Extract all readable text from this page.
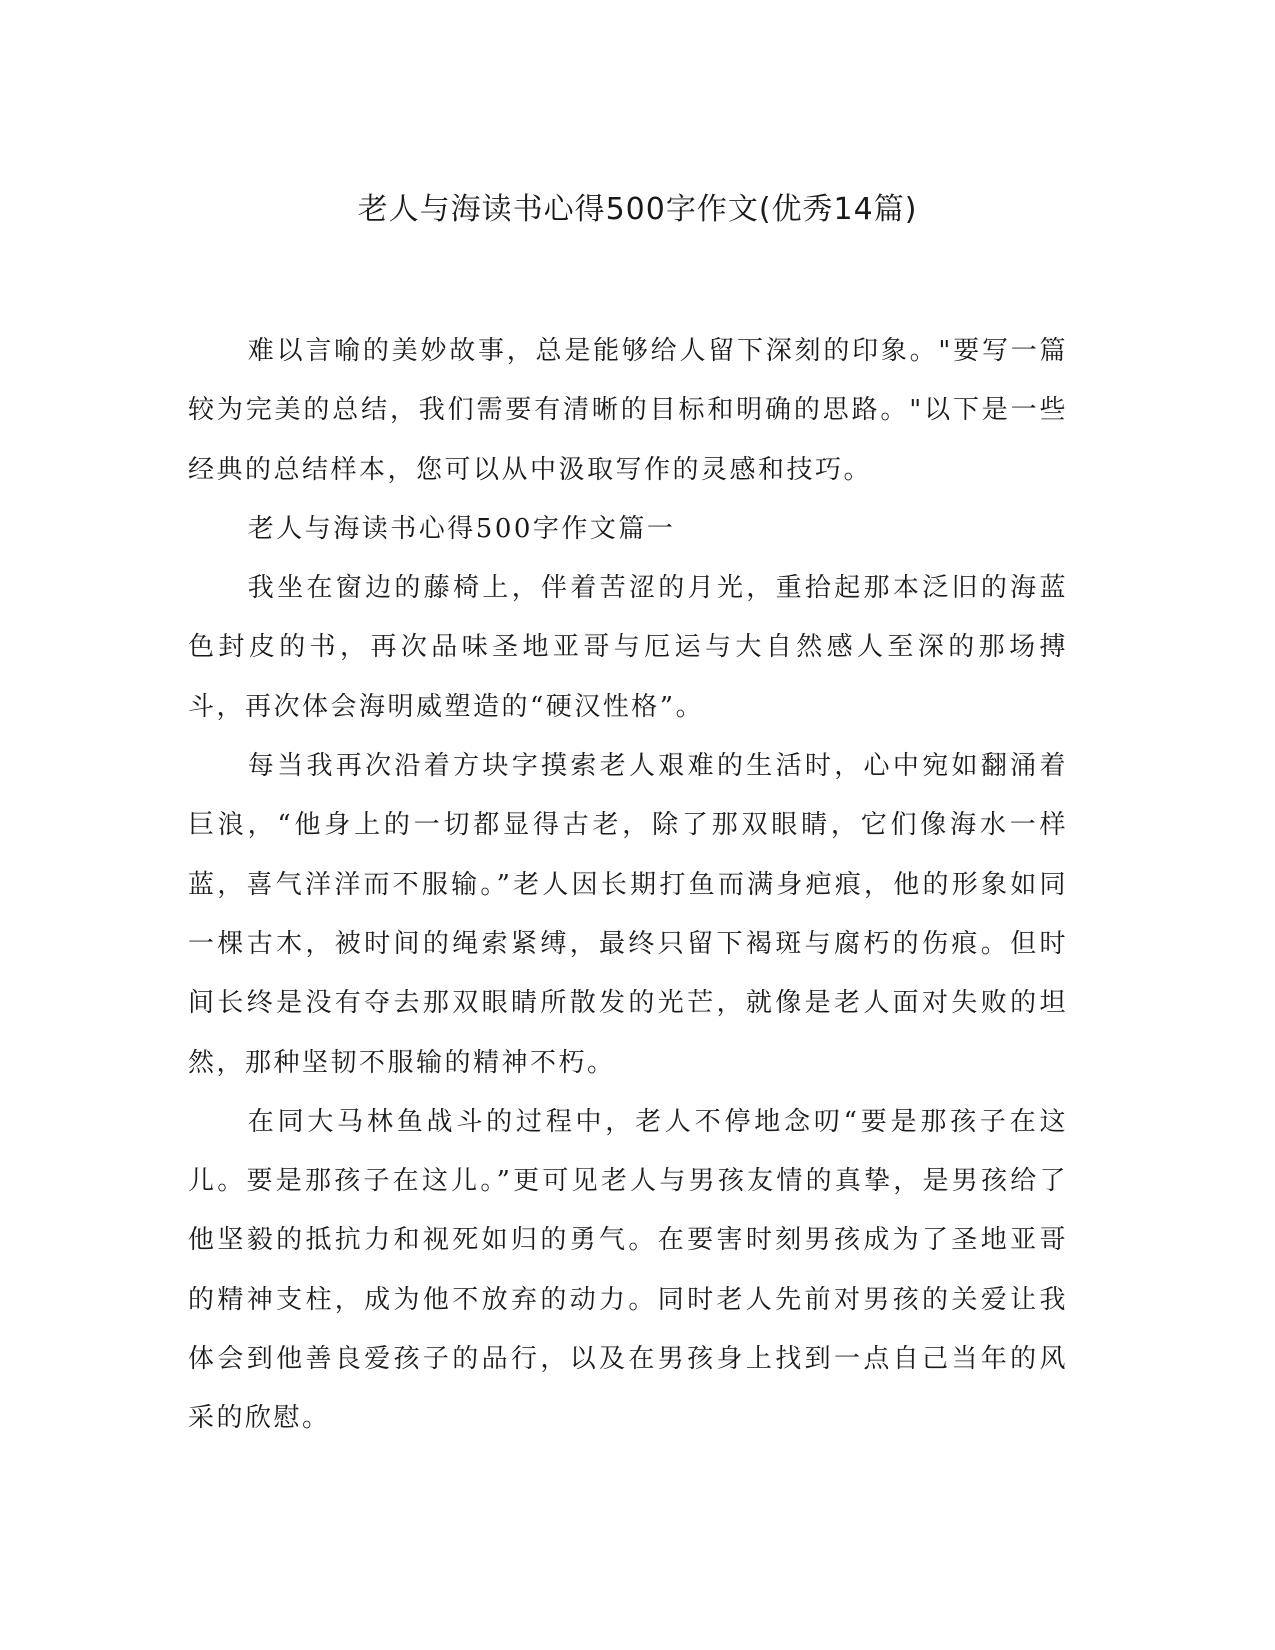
老人与海读书心得500字作文(优秀14篇)

难以言喻的美妙故事，总是能够给人留下深刻的印象。"要写一篇较为完美的总结，我们需要有清晰的目标和明确的思路。"以下是一些经典的总结样本，您可以从中汲取写作的灵感和技巧。

老人与海读书心得500字作文篇一

我坐在窗边的藤椅上，伴着苦涩的月光，重拾起那本泛旧的海蓝色封皮的书，再次品味圣地亚哥与厄运与大自然感人至深的那场搏斗，再次体会海明威塑造的“硬汉性格”。

每当我再次沿着方块字摸索老人艰难的生活时，心中宛如翻涌着巨浪，“他身上的一切都显得古老，除了那双眼睛，它们像海水一样蓝，喜气洋洋而不服输。”老人因长期打鱼而满身疤痕，他的形象如同一棵古木，被时间的绳索紧缚，最终只留下褐斑与腐朽的伤痕。但时间长终是没有夺去那双眼睛所散发的光芒，就像是老人面对失败的坦然，那种坚韧不服输的精神不朽。

在同大马林鱼战斗的过程中，老人不停地念叨“要是那孩子在这儿。要是那孩子在这儿。”更可见老人与男孩友情的真挚，是男孩给了他坚毅的抵抗力和视死如归的勇气。在要害时刻男孩成为了圣地亚哥的精神支柱，成为他不放弃的动力。同时老人先前对男孩的关爱让我体会到他善良爱孩子的品行，以及在男孩身上找到一点自己当年的风采的欣慰。
